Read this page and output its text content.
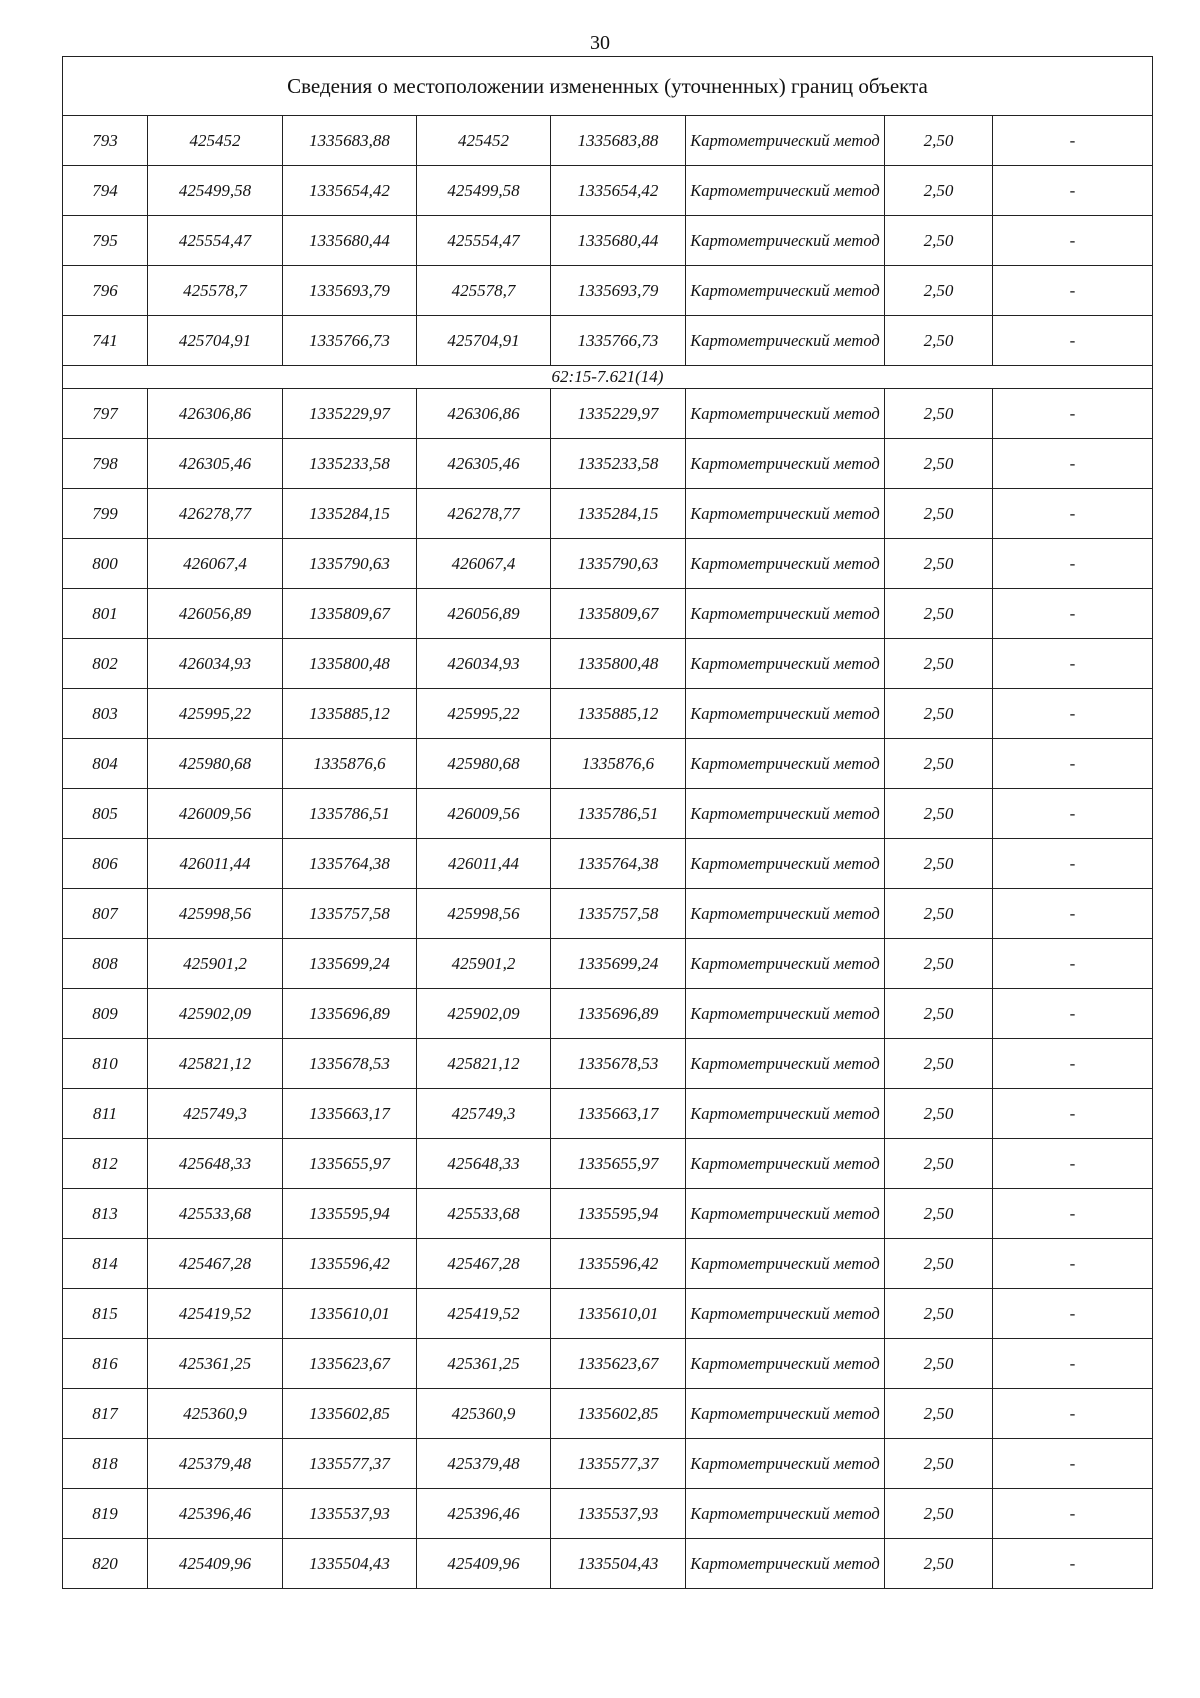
30
Сведения о местоположении измененных (уточненных) границ объекта							
793	425452	1335683,88	425452	1335683,88	Картометрический метод	2,50	-
794	425499,58	1335654,42	425499,58	1335654,42	Картометрический метод	2,50	-
795	425554,47	1335680,44	425554,47	1335680,44	Картометрический метод	2,50	-
796	425578,7	1335693,79	425578,7	1335693,79	Картометрический метод	2,50	-
741	425704,91	1335766,73	425704,91	1335766,73	Картометрический метод	2,50	-
62:15-7.621(14)							
797	426306,86	1335229,97	426306,86	1335229,97	Картометрический метод	2,50	-
798	426305,46	1335233,58	426305,46	1335233,58	Картометрический метод	2,50	-
799	426278,77	1335284,15	426278,77	1335284,15	Картометрический метод	2,50	-
800	426067,4	1335790,63	426067,4	1335790,63	Картометрический метод	2,50	-
801	426056,89	1335809,67	426056,89	1335809,67	Картометрический метод	2,50	-
802	426034,93	1335800,48	426034,93	1335800,48	Картометрический метод	2,50	-
803	425995,22	1335885,12	425995,22	1335885,12	Картометрический метод	2,50	-
804	425980,68	1335876,6	425980,68	1335876,6	Картометрический метод	2,50	-
805	426009,56	1335786,51	426009,56	1335786,51	Картометрический метод	2,50	-
806	426011,44	1335764,38	426011,44	1335764,38	Картометрический метод	2,50	-
807	425998,56	1335757,58	425998,56	1335757,58	Картометрический метод	2,50	-
808	425901,2	1335699,24	425901,2	1335699,24	Картометрический метод	2,50	-
809	425902,09	1335696,89	425902,09	1335696,89	Картометрический метод	2,50	-
810	425821,12	1335678,53	425821,12	1335678,53	Картометрический метод	2,50	-
811	425749,3	1335663,17	425749,3	1335663,17	Картометрический метод	2,50	-
812	425648,33	1335655,97	425648,33	1335655,97	Картометрический метод	2,50	-
813	425533,68	1335595,94	425533,68	1335595,94	Картометрический метод	2,50	-
814	425467,28	1335596,42	425467,28	1335596,42	Картометрический метод	2,50	-
815	425419,52	1335610,01	425419,52	1335610,01	Картометрический метод	2,50	-
816	425361,25	1335623,67	425361,25	1335623,67	Картометрический метод	2,50	-
817	425360,9	1335602,85	425360,9	1335602,85	Картометрический метод	2,50	-
818	425379,48	1335577,37	425379,48	1335577,37	Картометрический метод	2,50	-
819	425396,46	1335537,93	425396,46	1335537,93	Картометрический метод	2,50	-
820	425409,96	1335504,43	425409,96	1335504,43	Картометрический метод	2,50	-
